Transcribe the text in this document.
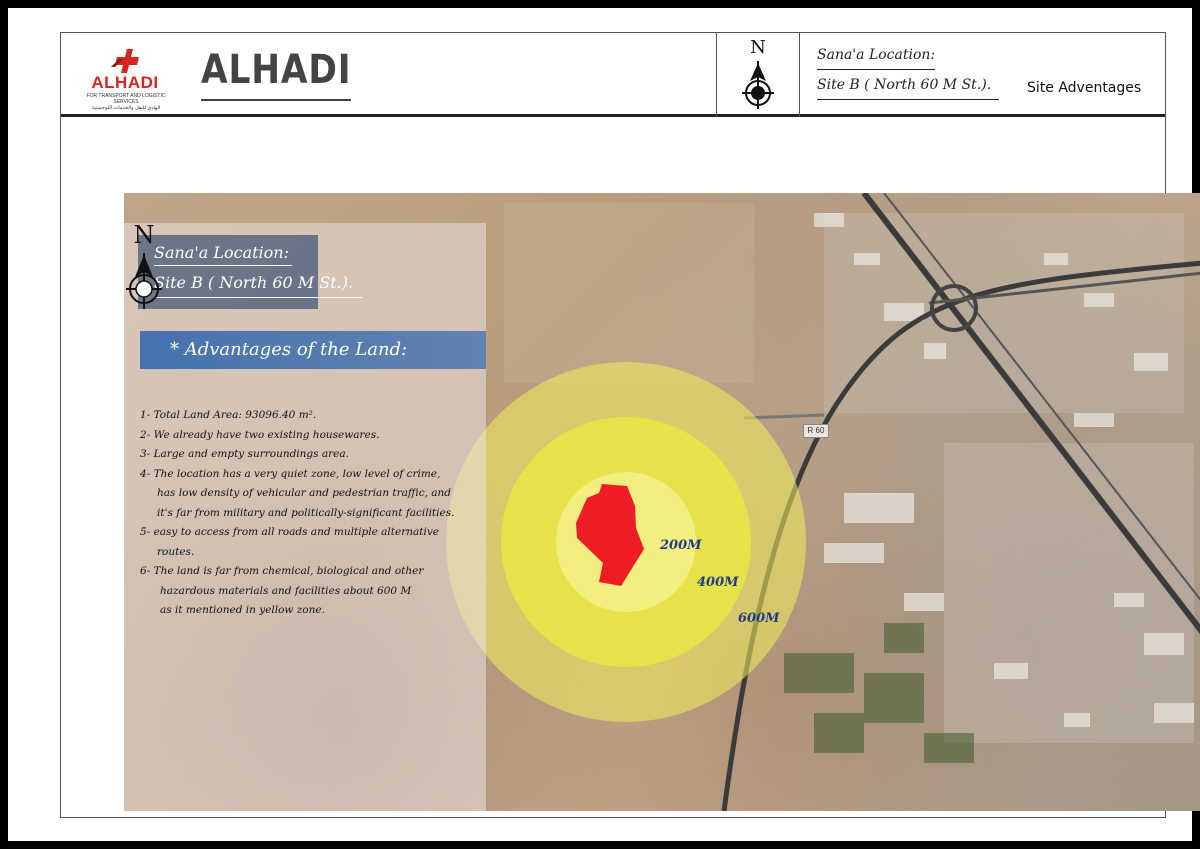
ALHADI
FOR TRANSPORT AND LOGISTIC SERVICES
الهادي للنقل والخدمات اللوجستية
ALHADI	N	Sana'a Location:
Site B ( North 60 M St.).	Site Adventages
200M
400M
600M
R 60
Sana'a Location:
Site B ( North 60 M St.).
* Advantages of the Land:
1- Total Land Area: 93096.40 m².
2- We already have two existing housewares.
3- Large and empty surroundings area.
4- The location has a very quiet zone, low level of crime,
has low density of vehicular and pedestrian traffic, and
it's far from military and politically-significant facilities.
5- easy to access from all roads and multiple alternative
routes.
6- The land is far from chemical, biological and other
hazardous materials and facilities about 600 M
as it mentioned in yellow zone.
N
